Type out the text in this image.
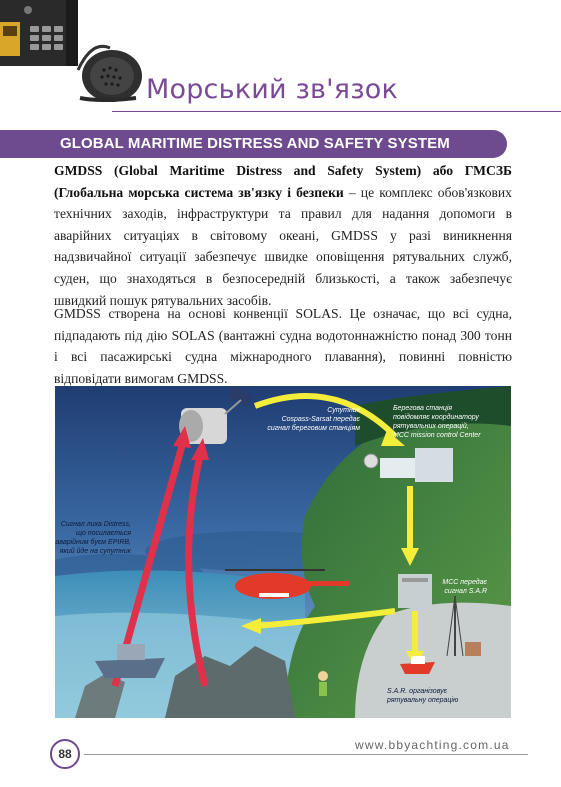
Морський зв'язок
GLOBAL MARITIME DISTRESS AND SAFETY SYSTEM
GMDSS (Global Maritime Distress and Safety System) або ГМСЗБ (Глобальна морська система зв'язку і безпеки – це комплекс обов'язкових технічних заходів, інфраструктури та правил для надання допомоги в аварійних ситуаціях в світовому океані, GMDSS у разі виникнення надзвичайної ситуації забезпечує швидке оповіщення рятувальних служб, суден, що знаходяться в безпосередній близькості, а також забезпечує швидкий пошук рятувальних засобів.
GMDSS створена на основі конвенції SOLAS. Це означає, що всі судна, підпадають під дію SOLAS (вантажні судна водотоннажністю понад 300 тонн і всі пасажирські судна міжнародного плавання), повинні повністю відповідати вимогам GMDSS.
Супутник Cospass-Sarsat передає сигнал береговим станціям
Берегова станція повідомляє координатору рятувальних операцій, MCC mission control Center
Сигнал лиха Distress, що посилається аварійним буєм EPIRB, який йде на супутник
МСС передає сигнал S.A.R
S.A.R. організовує рятувальну операцію
88
www.bbyachting.com.ua
